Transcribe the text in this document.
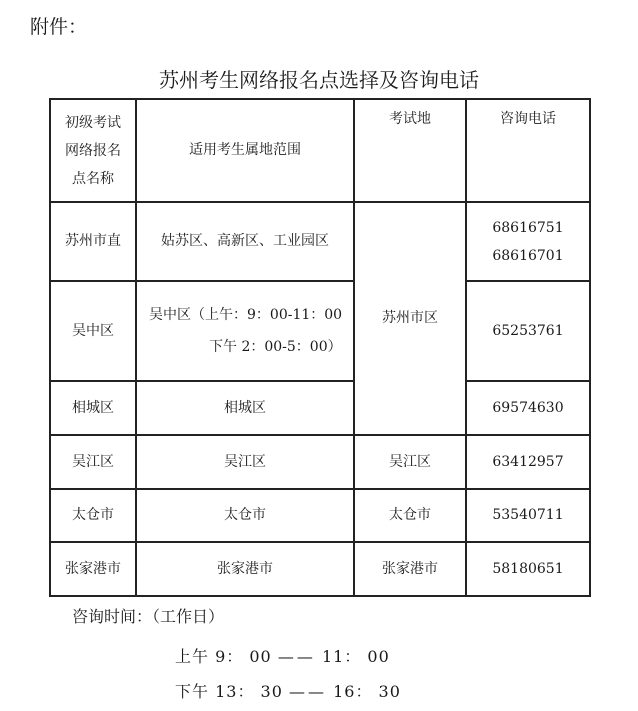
附件：
苏州考生网络报名点选择及咨询电话
初级考试
网络报名
点名称	适用考生属地范围	考试地	咨询电话
苏州市直	姑苏区、高新区、工业园区	苏州市区	68616751
68616701

吴中区	吴中区（上午：9：00-11：00
下午 2：00-5：00）		65253761
相城区	相城区		69574630
吴江区	吴江区	吴江区	63412957
太仓市	太仓市	太仓市	53540711
张家港市	张家港市	张家港市	58180651
咨询时间：（工作日）
上午 9： 00 —— 11： 00
下午 13： 30 —— 16： 30
